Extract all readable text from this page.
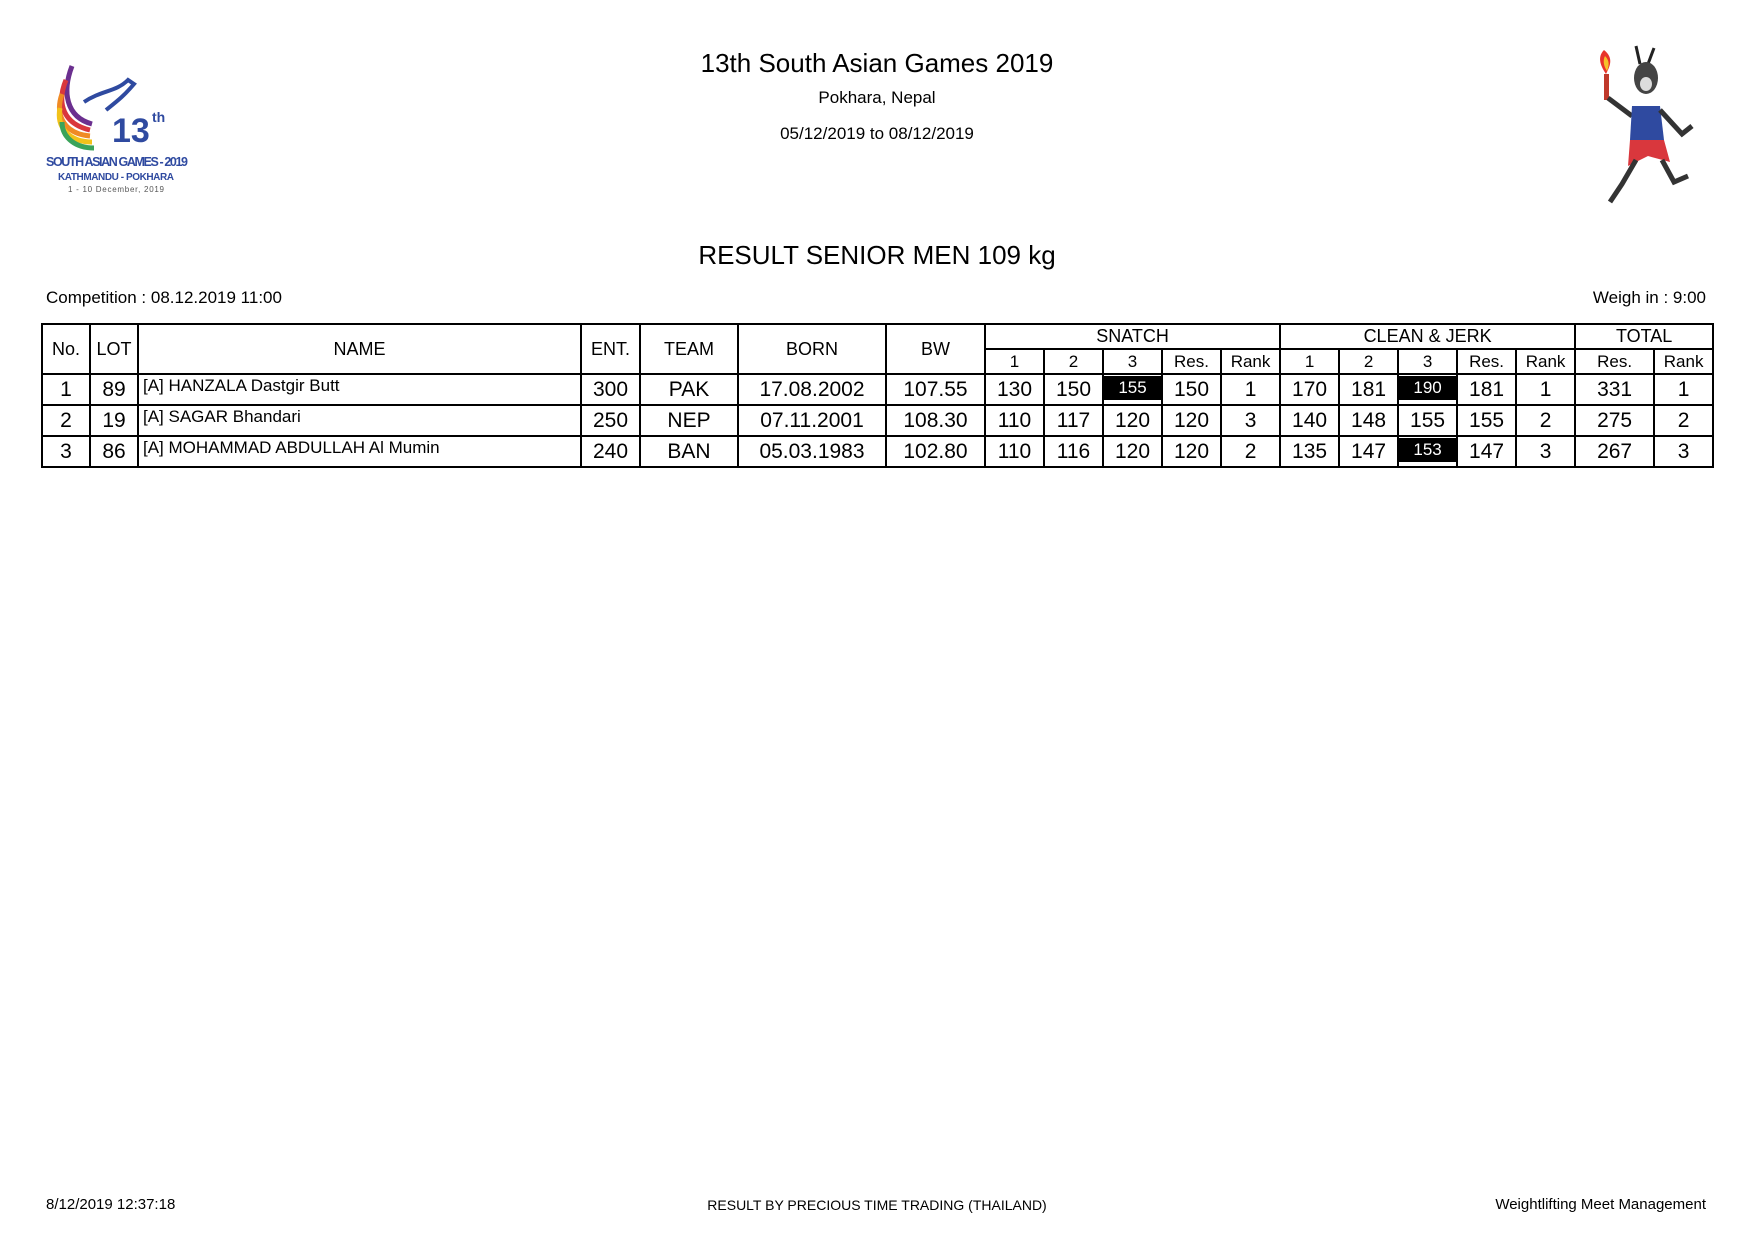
13 th
SOUTH ASIAN GAMES - 2019
KATHMANDU - POKHARA
1 - 10 December, 2019
13th South Asian Games 2019
Pokhara, Nepal
05/12/2019 to 08/12/2019
RESULT SENIOR MEN 109 kg
Competition : 08.12.2019 11:00	Weigh in : 9:00
No.	LOT	NAME	ENT.	TEAM	BORN	BW	SNATCH					CLEAN & JERK					TOTAL	
							1	2	3	Res.	Rank	1	2	3	Res.	Rank	Res.	Rank
1	89	[A] HANZALA Dastgir Butt	300	PAK	17.08.2002	107.55	130	150	155	150	1	170	181	190	181	1	331	1
2	19	[A] SAGAR Bhandari	250	NEP	07.11.2001	108.30	110	117	120	120	3	140	148	155	155	2	275	2
3	86	[A] MOHAMMAD ABDULLAH Al Mumin	240	BAN	05.03.1983	102.80	110	116	120	120	2	135	147	153	147	3	267	3
8/12/2019 12:37:18	RESULT BY PRECIOUS TIME TRADING (THAILAND)	Weightlifting Meet Management
